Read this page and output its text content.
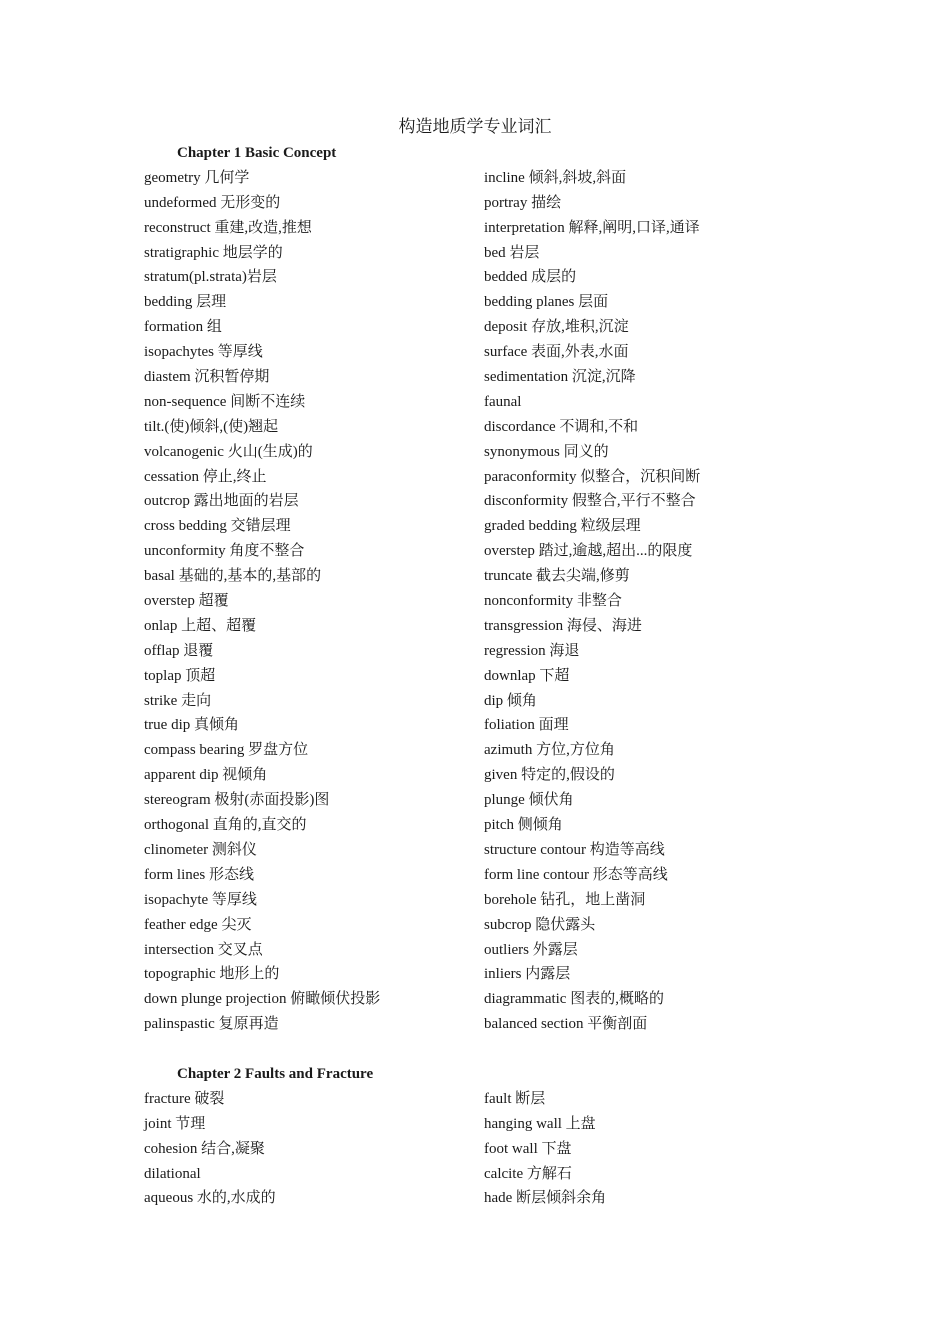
构造地质学专业词汇
Chapter 1 Basic Concept
geometry 几何学	incline 倾斜,斜坡,斜面
undeformed 无形变的	portray 描绘
reconstruct 重建,改造,推想	interpretation 解释,阐明,口译,通译
stratigraphic 地层学的	bed 岩层
stratum(pl.strata)岩层	bedded 成层的
bedding 层理	bedding planes 层面
formation 组	deposit 存放,堆积,沉淀
isopachytes 等厚线	surface 表面,外表,水面
diastem 沉积暂停期	sedimentation 沉淀,沉降
non-sequence 间断不连续	faunal
tilt.(使)倾斜,(使)翘起	discordance 不调和,不和
volcanogenic 火山(生成)的	synonymous 同义的
cessation 停止,终止	paraconformity 似整合，沉积间断
outcrop 露出地面的岩层	disconformity 假整合,平行不整合
cross bedding 交错层理	graded bedding 粒级层理
unconformity 角度不整合	overstep 踏过,逾越,超出...的限度
basal 基础的,基本的,基部的	truncate 截去尖端,修剪
overstep 超覆	nonconformity 非整合
onlap 上超、超覆	transgression 海侵、海进
offlap 退覆	regression 海退
toplap 顶超	downlap 下超
strike 走向	dip 倾角
true dip 真倾角	foliation 面理
compass bearing 罗盘方位	azimuth 方位,方位角
apparent dip 视倾角	given 特定的,假设的
stereogram 极射(赤面投影)图	plunge 倾伏角
orthogonal 直角的,直交的	pitch 侧倾角
clinometer 测斜仪	structure contour 构造等高线
form lines 形态线	form line contour 形态等高线
isopachyte 等厚线	borehole 钻孔，地上凿洞
feather edge 尖灭	subcrop 隐伏露头
intersection 交叉点	outliers 外露层
topographic 地形上的	inliers 内露层
down plunge projection 俯瞰倾伏投影	diagrammatic 图表的,概略的
palinspastic 复原再造	balanced section 平衡剖面
Chapter 2 Faults and Fracture
fracture 破裂	fault 断层
joint 节理	hanging wall 上盘
cohesion 结合,凝聚	foot wall 下盘
dilational	calcite 方解石
aqueous 水的,水成的	hade 断层倾斜余角
